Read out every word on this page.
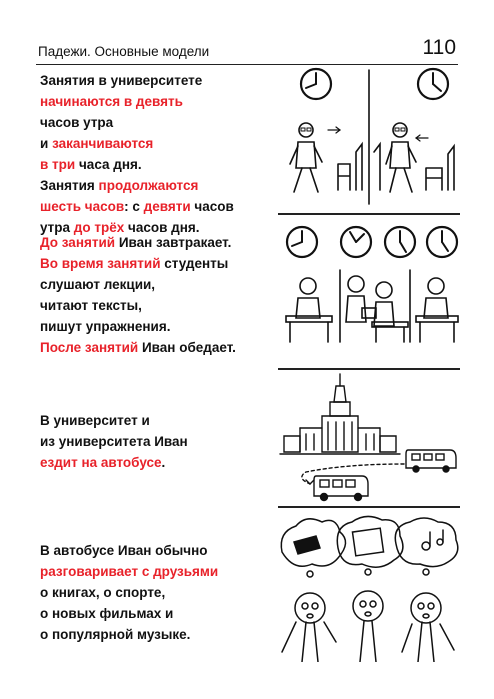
Падежи. Основные модели	110
Занятия в университете
начинаются в девять
часов утра
и заканчиваются
в три часа дня.
Занятия продолжаются
шесть часов: с девяти часов
утра до трёх часов дня.
До занятий Иван завтракает.
Во время занятий студенты
слушают лекции,
читают тексты,
пишут упражнения.
После занятий Иван обедает.
В университет и
из университета Иван
ездит на автобусе.
В автобусе Иван обычно
разговаривает с друзьями
о книгах, о спорте,
о новых фильмах и
о популярной музыке.
